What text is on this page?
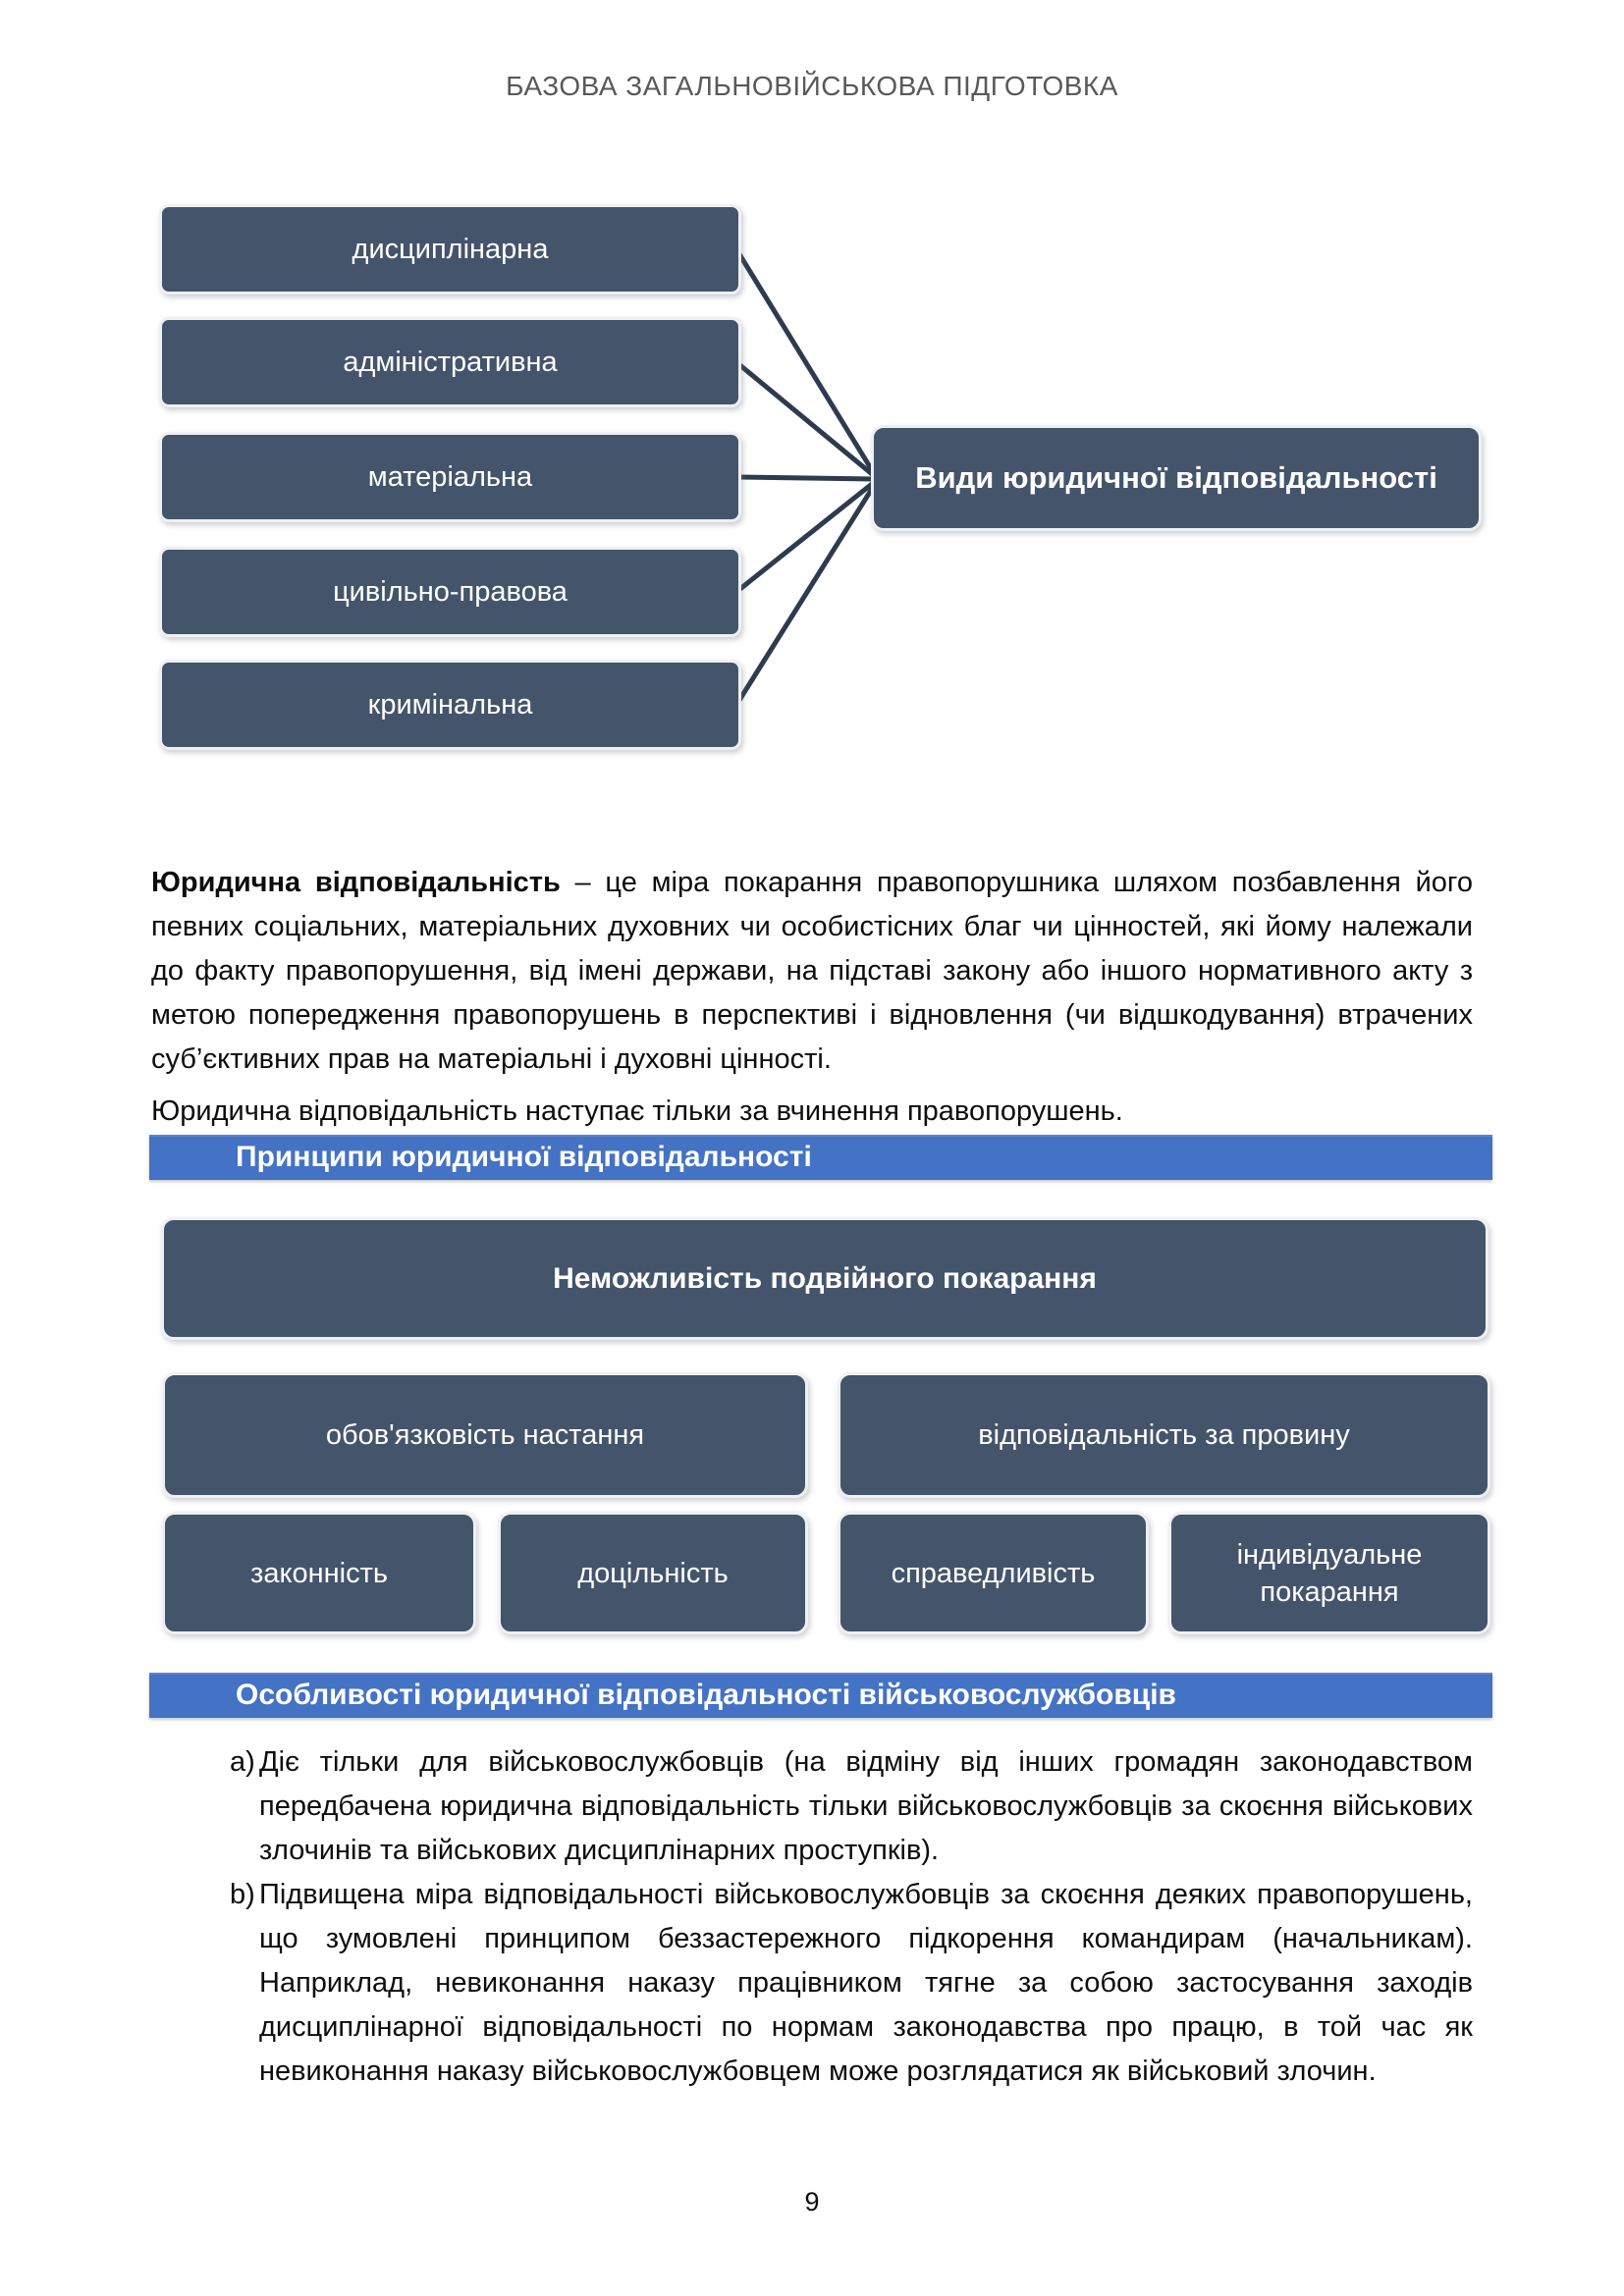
БАЗОВА ЗАГАЛЬНОВІЙСЬКОВА ПІДГОТОВКА
дисциплінарна
адміністративна
матеріальна
цивільно-правова
кримінальна
Види юридичної відповідальності

Юридична відповідальність – це міра покарання правопорушника шляхом позбавлення його певних соціальних, матеріальних духовних чи особистісних благ чи цінностей, які йому належали до факту правопорушення, від імені держави, на підставі закону або іншого нормативного акту з метою попередження правопорушень в перспективі і відновлення (чи відшкодування) втрачених суб’єктивних прав на матеріальні і духовні цінності.

Юридична відповідальність наступає тільки за вчинення правопорушень.

Принципи юридичної відповідальності
Неможливість подвійного покарання
обов'язковість настання	відповідальність за провину
законність	доцільність	справедливість
індивідуальне покарання
Особливості юридичної відповідальності військовослужбовців
a) Діє тільки для військовослужбовців (на відміну від інших громадян законодавством передбачена юридична відповідальність тільки військовослужбовців за скоєння військових злочинів та військових дисциплінарних проступків).
b) Підвищена міра відповідальності військовослужбовців за скоєння деяких правопорушень, що зумовлені принципом беззастережного підкорення командирам (начальникам). Наприклад, невиконання наказу працівником тягне за собою застосування заходів дисциплінарної відповідальності по нормам законодавства про працю, в той час як невиконання наказу військовослужбовцем може розглядатися як військовий злочин.
9
